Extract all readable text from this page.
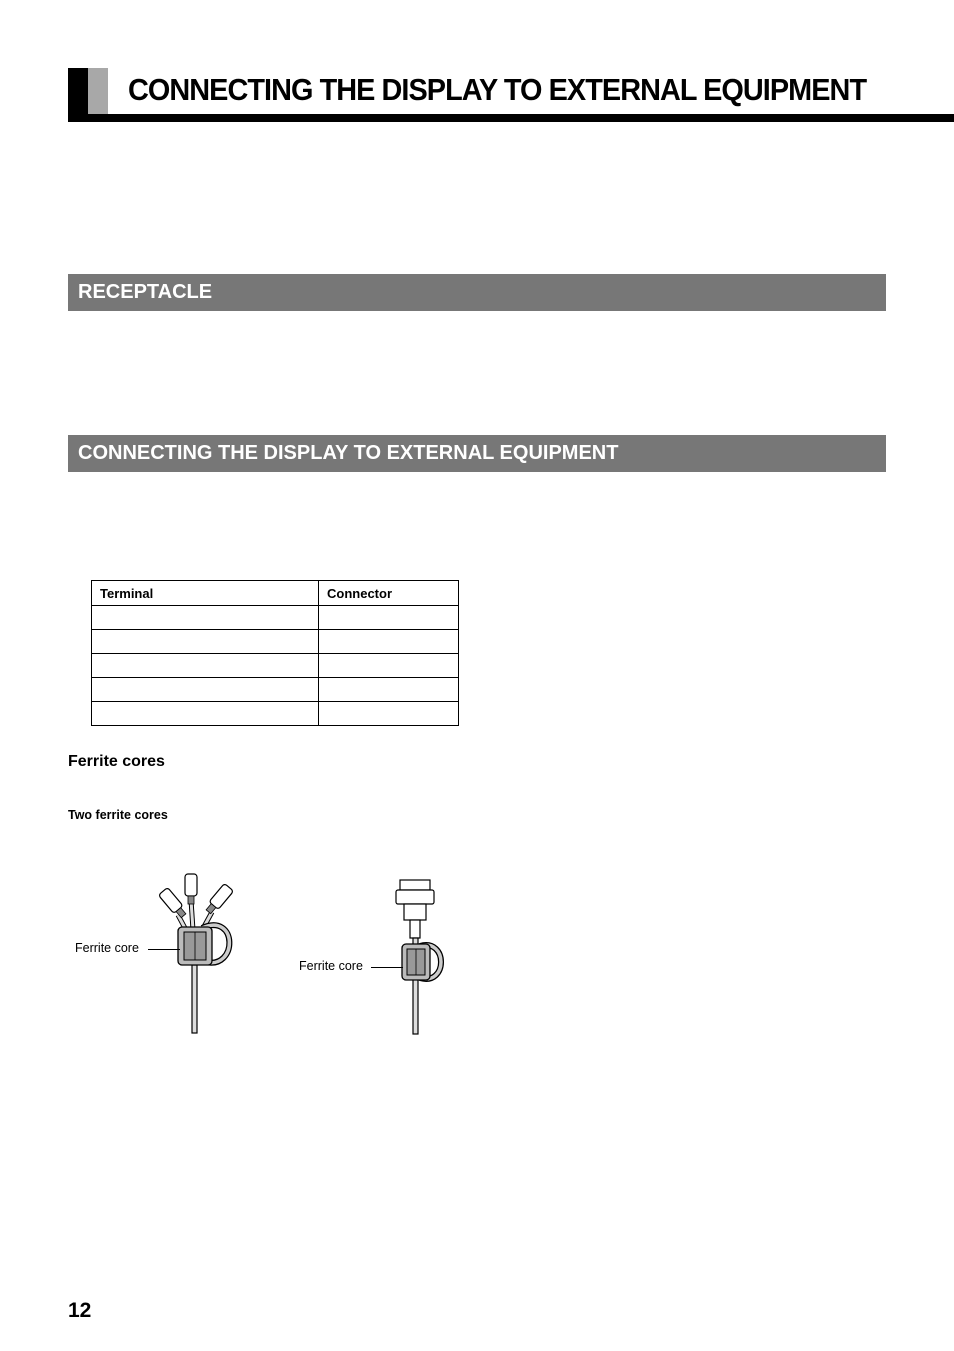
CONNECTING THE DISPLAY TO EXTERNAL EQUIPMENT
RECEPTACLE
CONNECTING THE DISPLAY TO EXTERNAL EQUIPMENT
Terminal	Connector

Ferrite cores
Two ferrite cores
Ferrite core
Ferrite core
12
